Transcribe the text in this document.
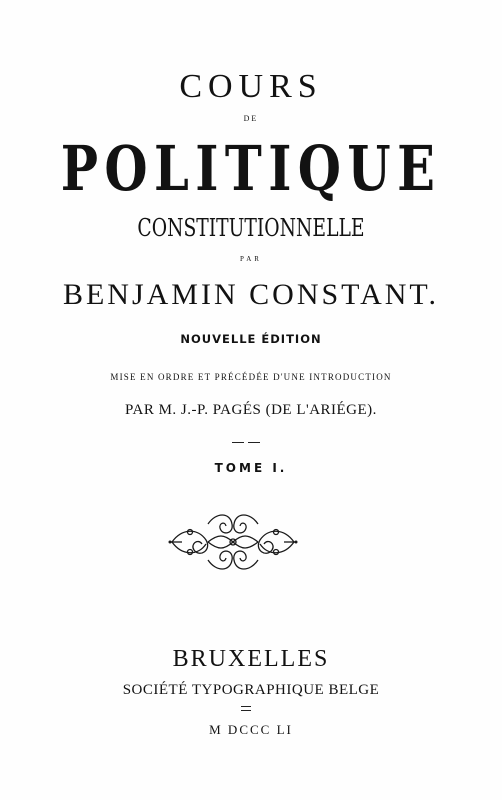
COURS
DE
POLITIQUE
CONSTITUTIONNELLE
PAR
BENJAMIN CONSTANT.
NOUVELLE ÉDITION
MISE EN ORDRE ET PRÉCÉDÉE D'UNE INTRODUCTION
PAR M. J.-P. PAGÉS (DE L'ARIÉGE).
TOME I.
BRUXELLES
SOCIÉTÉ TYPOGRAPHIQUE BELGE
M DCCC LI
